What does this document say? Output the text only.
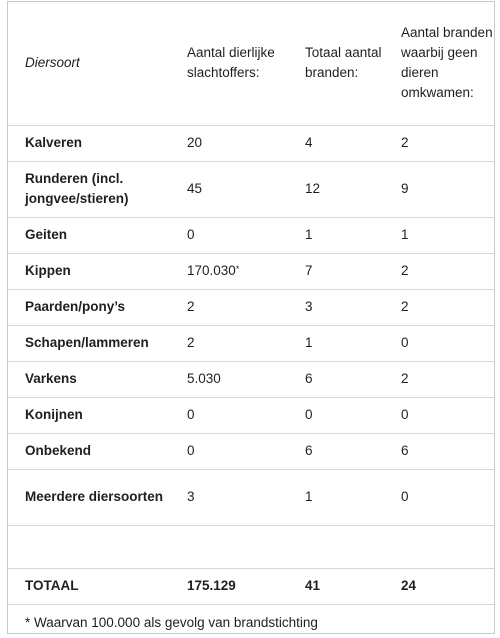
Diersoort	Aantal dierlijke slachtoffers:	Totaal aantal branden:	Aantal branden waarbij geen dieren omkwamen:
Kalveren	20	4	2
Runderen (incl. jongvee/stieren)	45	12	9
Geiten	0	1	1
Kippen	170.030*	7	2
Paarden/pony’s	2	3	2
Schapen/lammeren	2	1	0
Varkens	5.030	6	2
Konijnen	0	0	0
Onbekend	0	6	6
Meerdere diersoorten	3	1	0

TOTAAL	175.129	41	24
* Waarvan 100.000 als gevolg van brandstichting
